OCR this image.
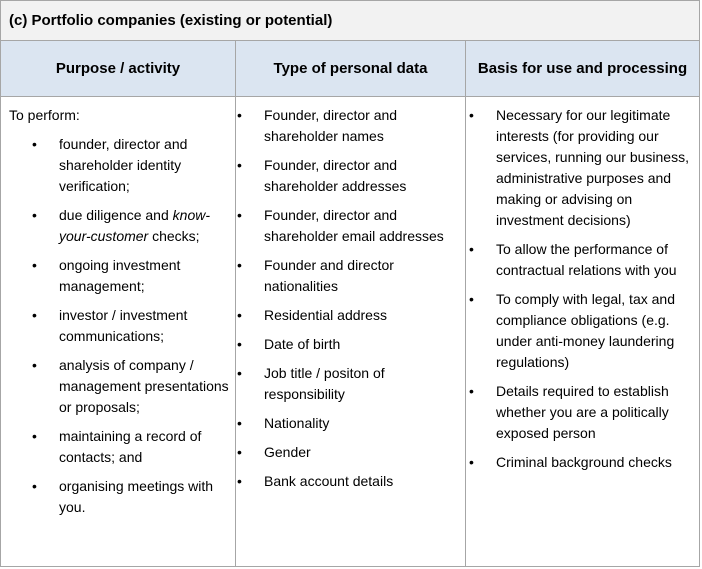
(c) Portfolio companies (existing or potential)
Purpose / activity	Type of personal data	Basis for use and processing

To perform:

• founder, director and shareholder identity verification;
• due diligence and know-your-customer checks;
• ongoing investment management;
• investor / investment communications;
• analysis of company / management presentations or proposals;
• maintaining a record of contacts; and
• organising meetings with you.
• Founder, director and shareholder names
• Founder, director and shareholder addresses
• Founder, director and shareholder email addresses
• Founder and director nationalities
• Residential address
• Date of birth
• Job title / positon of responsibility
• Nationality
• Gender
• Bank account details
• Necessary for our legitimate interests (for providing our services, running our business, administrative purposes and making or advising on investment decisions)
• To allow the performance of contractual relations with you
• To comply with legal, tax and compliance obligations (e.g. under anti-money laundering regulations)
• Details required to establish whether you are a politically exposed person
• Criminal background checks
